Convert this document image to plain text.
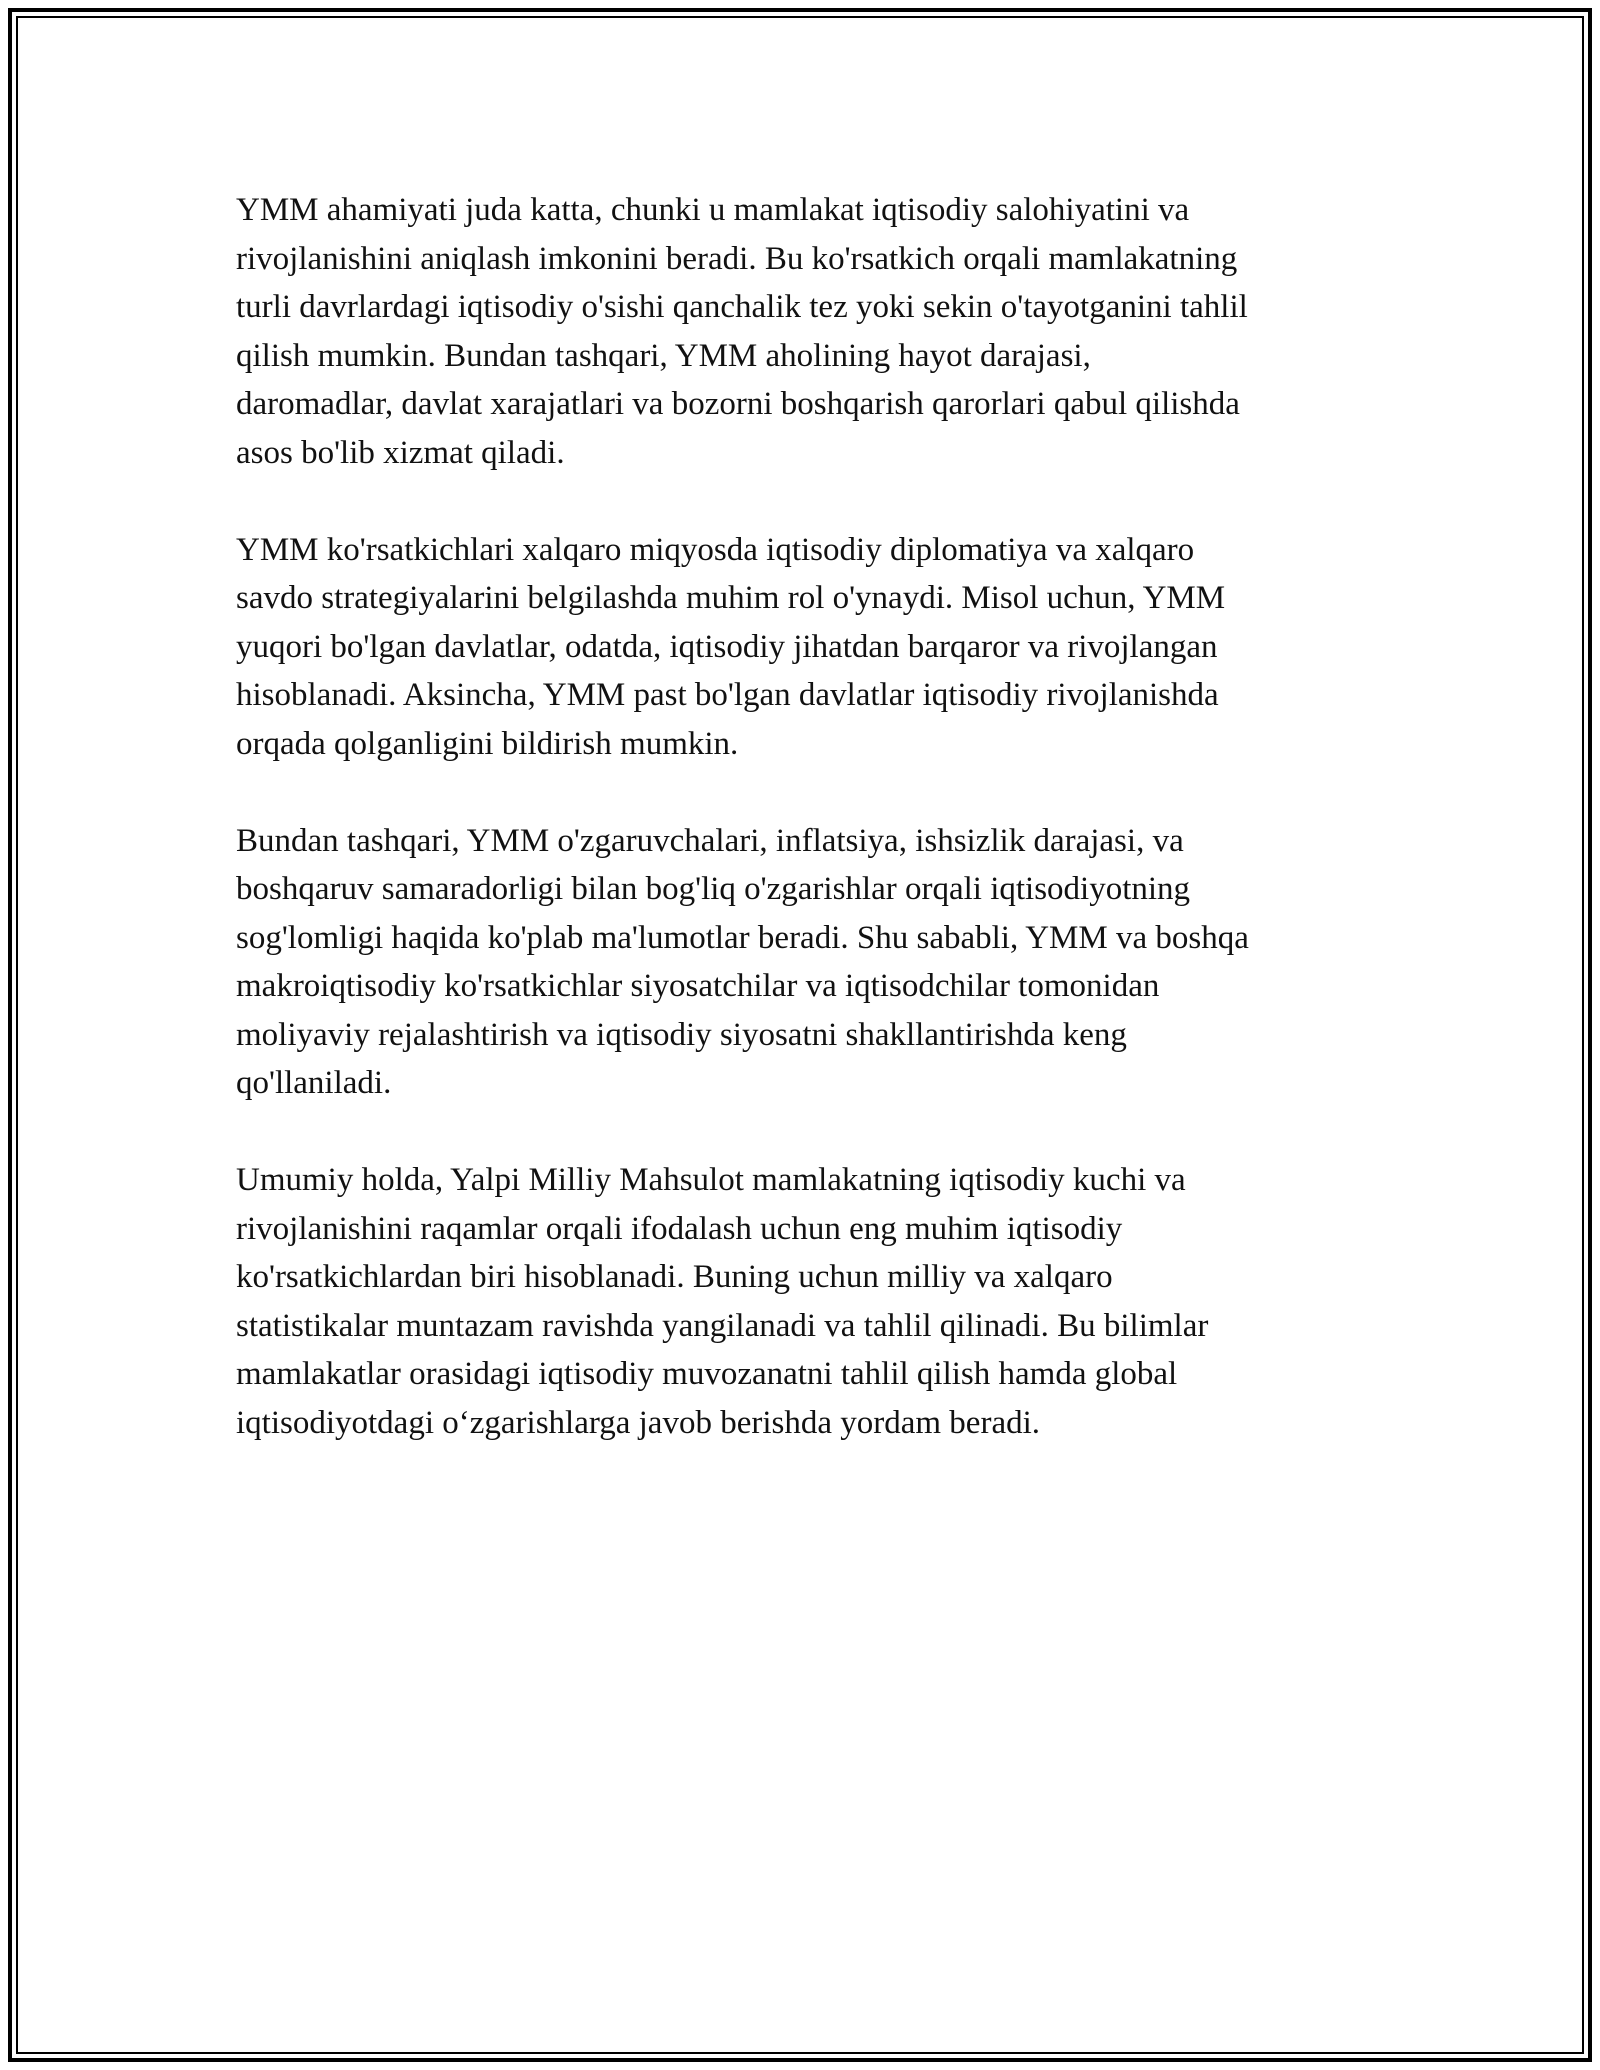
YMM ahamiyati juda katta, chunki u mamlakat iqtisodiy salohiyatini va
rivojlanishini aniqlash imkonini beradi. Bu ko'rsatkich orqali mamlakatning
turli davrlardagi iqtisodiy o'sishi qanchalik tez yoki sekin o'tayotganini tahlil
qilish mumkin. Bundan tashqari, YMM aholining hayot darajasi,
daromadlar, davlat xarajatlari va bozorni boshqarish qarorlari qabul qilishda
asos bo'lib xizmat qiladi.

YMM ko'rsatkichlari xalqaro miqyosda iqtisodiy diplomatiya va xalqaro
savdo strategiyalarini belgilashda muhim rol o'ynaydi. Misol uchun, YMM
yuqori bo'lgan davlatlar, odatda, iqtisodiy jihatdan barqaror va rivojlangan
hisoblanadi. Aksincha, YMM past bo'lgan davlatlar iqtisodiy rivojlanishda
orqada qolganligini bildirish mumkin.

Bundan tashqari, YMM o'zgaruvchalari, inflatsiya, ishsizlik darajasi, va
boshqaruv samaradorligi bilan bog'liq o'zgarishlar orqali iqtisodiyotning
sog'lomligi haqida ko'plab ma'lumotlar beradi. Shu sababli, YMM va boshqa
makroiqtisodiy ko'rsatkichlar siyosatchilar va iqtisodchilar tomonidan
moliyaviy rejalashtirish va iqtisodiy siyosatni shakllantirishda keng
qo'llaniladi.

Umumiy holda, Yalpi Milliy Mahsulot mamlakatning iqtisodiy kuchi va
rivojlanishini raqamlar orqali ifodalash uchun eng muhim iqtisodiy
ko'rsatkichlardan biri hisoblanadi. Buning uchun milliy va xalqaro
statistikalar muntazam ravishda yangilanadi va tahlil qilinadi. Bu bilimlar
mamlakatlar orasidagi iqtisodiy muvozanatni tahlil qilish hamda global
iqtisodiyotdagi o‘zgarishlarga javob berishda yordam beradi.
